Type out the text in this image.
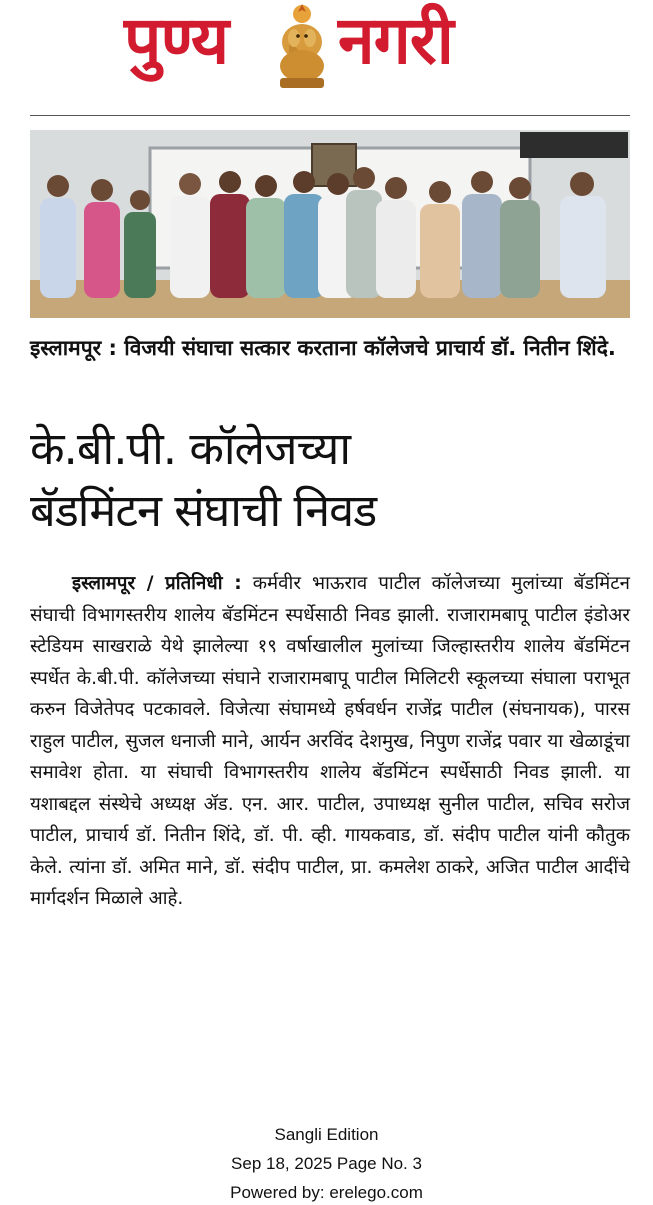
पुण्य नगरी
इस्लामपूर : विजयी संघाचा सत्कार करताना कॉलेजचे प्राचार्य डॉ. नितीन शिंदे.
के.बी.पी. कॉलेजच्या
बॅडमिंटन संघाची निवड
इस्लामपूर / प्रतिनिधी : कर्मवीर भाऊराव पाटील कॉलेजच्या मुलांच्या बॅडमिंटन संघाची विभागस्तरीय शालेय बॅडमिंटन स्पर्धेसाठी निवड झाली. राजारामबापू पाटील इंडोअर स्टेडियम साखराळे येथे झालेल्या १९ वर्षाखालील मुलांच्या जिल्हास्तरीय शालेय बॅडमिंटन स्पर्धेत के.बी.पी. कॉलेजच्या संघाने राजारामबापू पाटील मिलिटरी स्कूलच्या संघाला पराभूत करुन विजेतेपद पटकावले. विजेत्या संघामध्ये हर्षवर्धन राजेंद्र पाटील (संघनायक), पारस राहुल पाटील, सुजल धनाजी माने, आर्यन अरविंद देशमुख, निपुण राजेंद्र पवार या खेळाडूंचा समावेश होता. या संघाची विभागस्तरीय शालेय बॅडमिंटन स्पर्धेसाठी निवड झाली. या यशाबद्दल संस्थेचे अध्यक्ष ॲड. एन. आर. पाटील, उपाध्यक्ष सुनील पाटील, सचिव सरोज पाटील, प्राचार्य डॉ. नितीन शिंदे, डॉ. पी. व्ही. गायकवाड, डॉ. संदीप पाटील यांनी कौतुक केले. त्यांना डॉ. अमित माने, डॉ. संदीप पाटील, प्रा. कमलेश ठाकरे, अजित पाटील आदींचे मार्गदर्शन मिळाले आहे.
Sangli Edition
Sep 18, 2025 Page No. 3
Powered by: erelego.com
